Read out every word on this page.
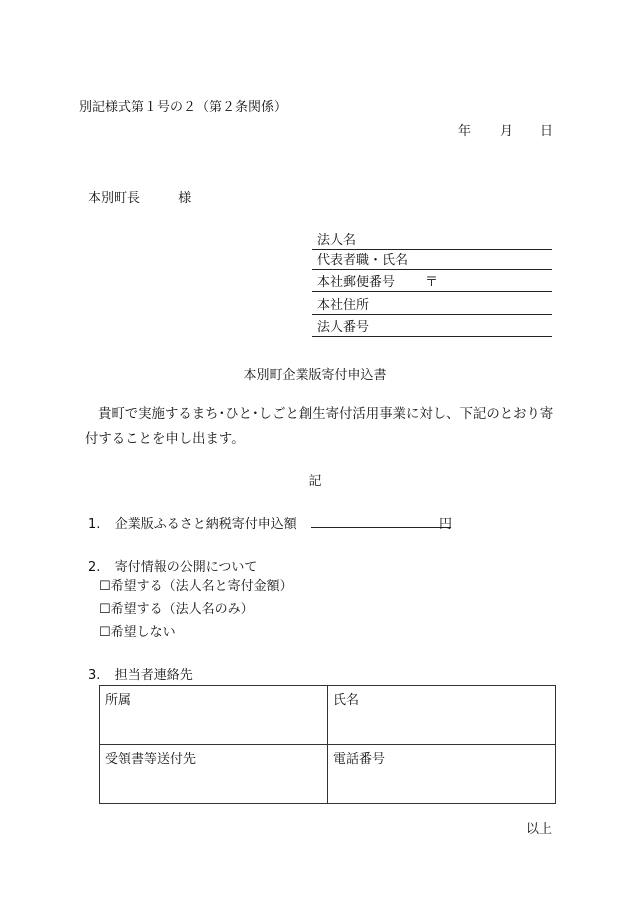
別記様式第１号の２（第２条関係）
年 月 日
本別町長	様
法人名
代表者職・氏名
本社郵便番号 〒
本社住所
法人番号
本別町企業版寄付申込書
貴町で実施するまち･ひと･しごと創生寄付活用事業に対し、下記のとおり寄付することを申し出ます。
記
1. 企業版ふるさと納税寄付申込額	円
2. 寄付情報の公開について
☐希望する（法人名と寄付金額）
☐希望する（法人名のみ）
☐希望しない
3. 担当者連絡先
所属	氏名
受領書等送付先	電話番号
以上
